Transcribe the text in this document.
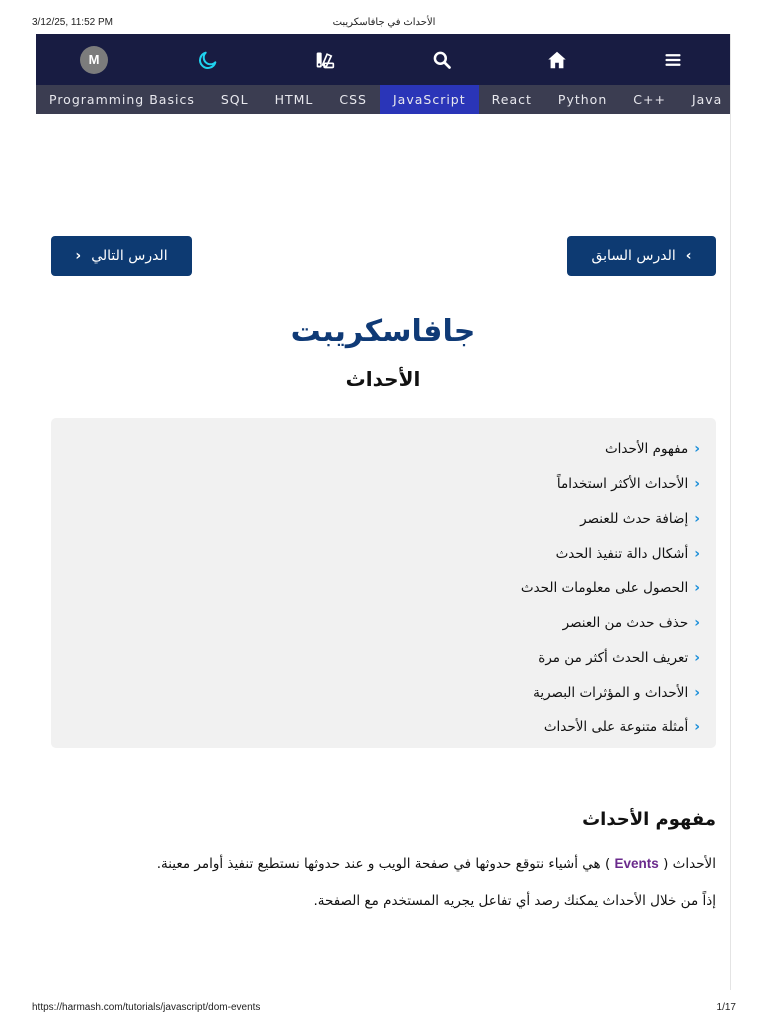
3/12/25, 11:52 PM	الأحداث في جافاسكريبت
M
Programming Basics	SQL	HTML	CSS	JavaScript	React	Python	C++	Java
›
الدرس السابق
الدرس التالي
‹
جافاسكريبت
الأحداث
‹
مفهوم الأحداث
‹
الأحداث الأكثر استخداماً
‹
إضافة حدث للعنصر
‹
أشكال دالة تنفيذ الحدث
‹
الحصول على معلومات الحدث
‹
حذف حدث من العنصر
‹
تعريف الحدث أكثر من مرة
‹
الأحداث و المؤثرات البصرية
‹
أمثلة متنوعة على الأحداث
مفهوم الأحداث
الأحداث ( Events ) هي أشياء نتوقع حدوثها في صفحة الويب و عند حدوثها نستطيع تنفيذ أوامر معينة.
إذاً من خلال الأحداث يمكنك رصد أي تفاعل يجريه المستخدم مع الصفحة.
https://harmash.com/tutorials/javascript/dom-events	1/17
